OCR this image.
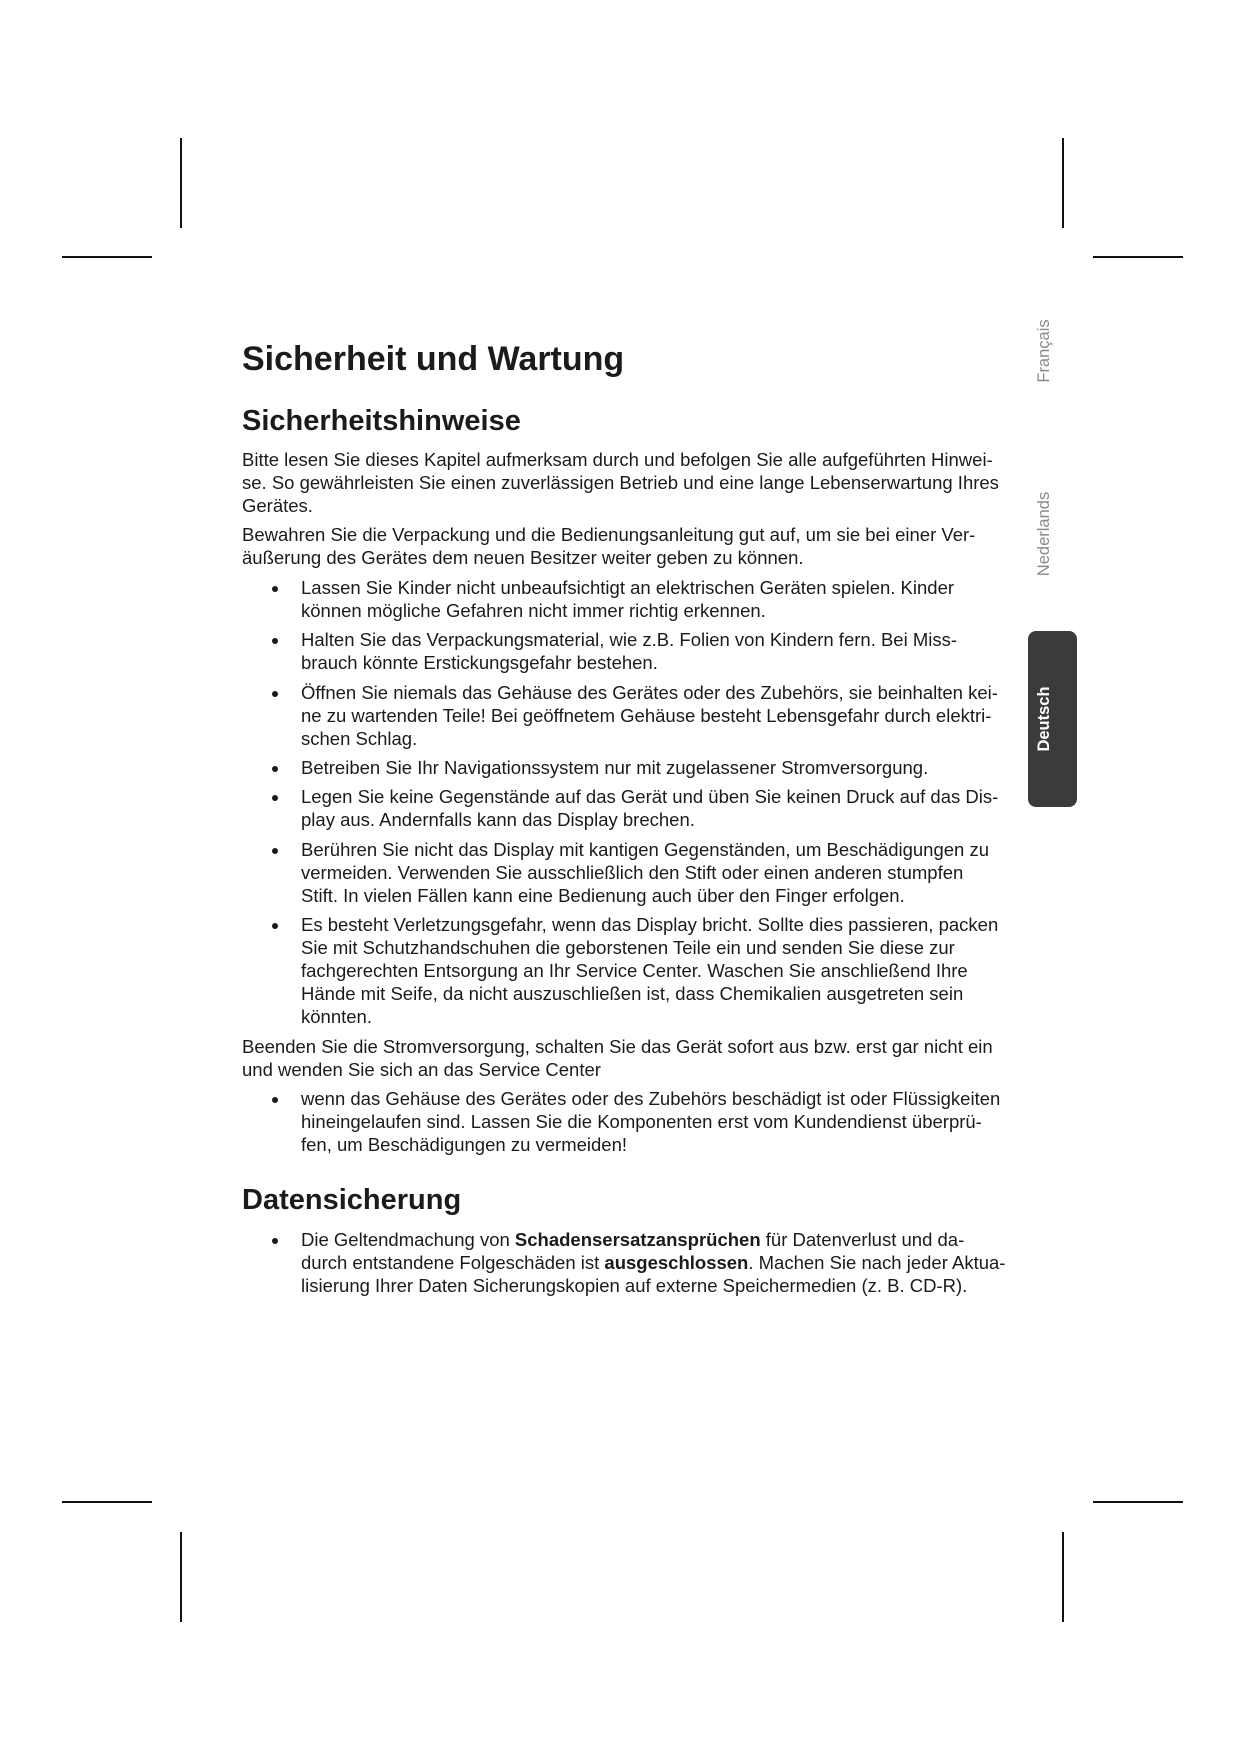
Français
Nederlands
Deutsch
Sicherheit und Wartung
Sicherheitshinweise

Bitte lesen Sie dieses Kapitel aufmerksam durch und befolgen Sie alle aufgeführten Hinwei-
se. So gewährleisten Sie einen zuverlässigen Betrieb und eine lange Lebenserwartung Ihres
Gerätes.

Bewahren Sie die Verpackung und die Bedienungsanleitung gut auf, um sie bei einer Ver-
äußerung des Gerätes dem neuen Besitzer weiter geben zu können.

Lassen Sie Kinder nicht unbeaufsichtigt an elektrischen Geräten spielen. Kinder
können mögliche Gefahren nicht immer richtig erkennen.
Halten Sie das Verpackungsmaterial, wie z.B. Folien von Kindern fern. Bei Miss-
brauch könnte Erstickungsgefahr bestehen.
Öffnen Sie niemals das Gehäuse des Gerätes oder des Zubehörs, sie beinhalten kei-
ne zu wartenden Teile! Bei geöffnetem Gehäuse besteht Lebensgefahr durch elektri-
schen Schlag.
Betreiben Sie Ihr Navigationssystem nur mit zugelassener Stromversorgung.
Legen Sie keine Gegenstände auf das Gerät und üben Sie keinen Druck auf das Dis-
play aus. Andernfalls kann das Display brechen.
Berühren Sie nicht das Display mit kantigen Gegenständen, um Beschädigungen zu
vermeiden. Verwenden Sie ausschließlich den Stift oder einen anderen stumpfen
Stift. In vielen Fällen kann eine Bedienung auch über den Finger erfolgen.
Es besteht Verletzungsgefahr, wenn das Display bricht. Sollte dies passieren, packen
Sie mit Schutzhandschuhen die geborstenen Teile ein und senden Sie diese zur
fachgerechten Entsorgung an Ihr Service Center. Waschen Sie anschließend Ihre
Hände mit Seife, da nicht auszuschließen ist, dass Chemikalien ausgetreten sein
könnten.

Beenden Sie die Stromversorgung, schalten Sie das Gerät sofort aus bzw. erst gar nicht ein
und wenden Sie sich an das Service Center

wenn das Gehäuse des Gerätes oder des Zubehörs beschädigt ist oder Flüssigkeiten
hineingelaufen sind. Lassen Sie die Komponenten erst vom Kundendienst überprü-
fen, um Beschädigungen zu vermeiden!
Datensicherung
Die Geltendmachung von Schadensersatzansprüchen für Datenverlust und da-
durch entstandene Folgeschäden ist ausgeschlossen. Machen Sie nach jeder Aktua-
lisierung Ihrer Daten Sicherungskopien auf externe Speichermedien (z. B. CD-R).
